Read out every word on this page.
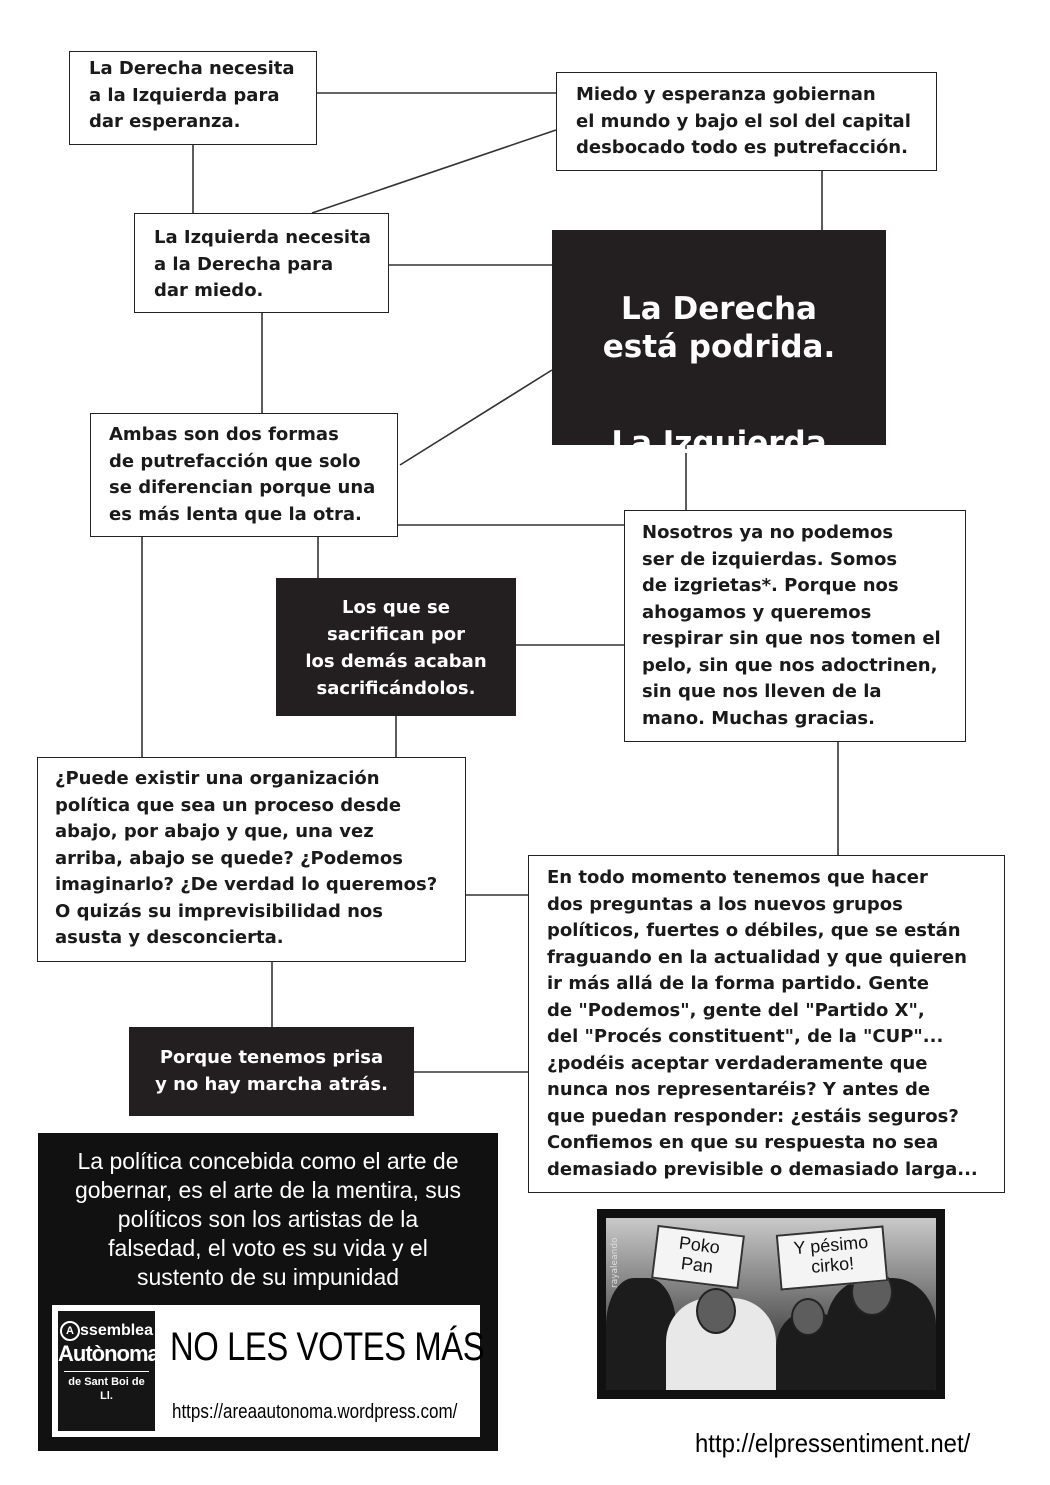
La Derecha necesita
a la Izquierda para
dar esperanza.
Miedo y esperanza gobiernan
el mundo y bajo el sol del capital
desbocado todo es putrefacción.
La Izquierda necesita
a la Derecha para
dar miedo.

La Derecha
está podrida.

La Izquierda
se pudre.

Ambas son dos formas
de putrefacción que solo
se diferencian porque una
es más lenta que la otra.
Los que se
sacrifican por
los demás acaban
sacrificándolos.
Nosotros ya no podemos
ser de izquierdas. Somos
de izgrietas*. Porque nos
ahogamos y queremos
respirar sin que nos tomen el
pelo, sin que nos adoctrinen,
sin que nos lleven de la
mano. Muchas gracias.
¿Puede existir una organización
política que sea un proceso desde
abajo, por abajo y que, una vez
arriba, abajo se quede? ¿Podemos
imaginarlo? ¿De verdad lo queremos?
O quizás su imprevisibilidad nos
asusta y desconcierta.
Porque tenemos prisa
y no hay marcha atrás.
En todo momento tenemos que hacer
dos preguntas a los nuevos grupos
políticos, fuertes o débiles, que se están
fraguando en la actualidad y que quieren
ir más allá de la forma partido. Gente
de "Podemos", gente del "Partido X",
del "Procés constituent", de la "CUP"...
¿podéis aceptar verdaderamente que
nunca nos representaréis? Y antes de
que puedan responder: ¿estáis seguros?
Confiemos en que su respuesta no sea
demasiado previsible o demasiado larga...
La política concebida como el arte de
gobernar, es el arte de la mentira, sus
políticos son los artistas de la
falsedad, el voto es su vida y el
sustento de su impunidad
A ssemblea
Autònoma
de Sant Boi de Ll.
NO LES VOTES MÁS
https://areaautonoma.wordpress.com/
Poko
Pan
Y pésimo
cirko!
rayaleando
http://elpressentiment.net/
